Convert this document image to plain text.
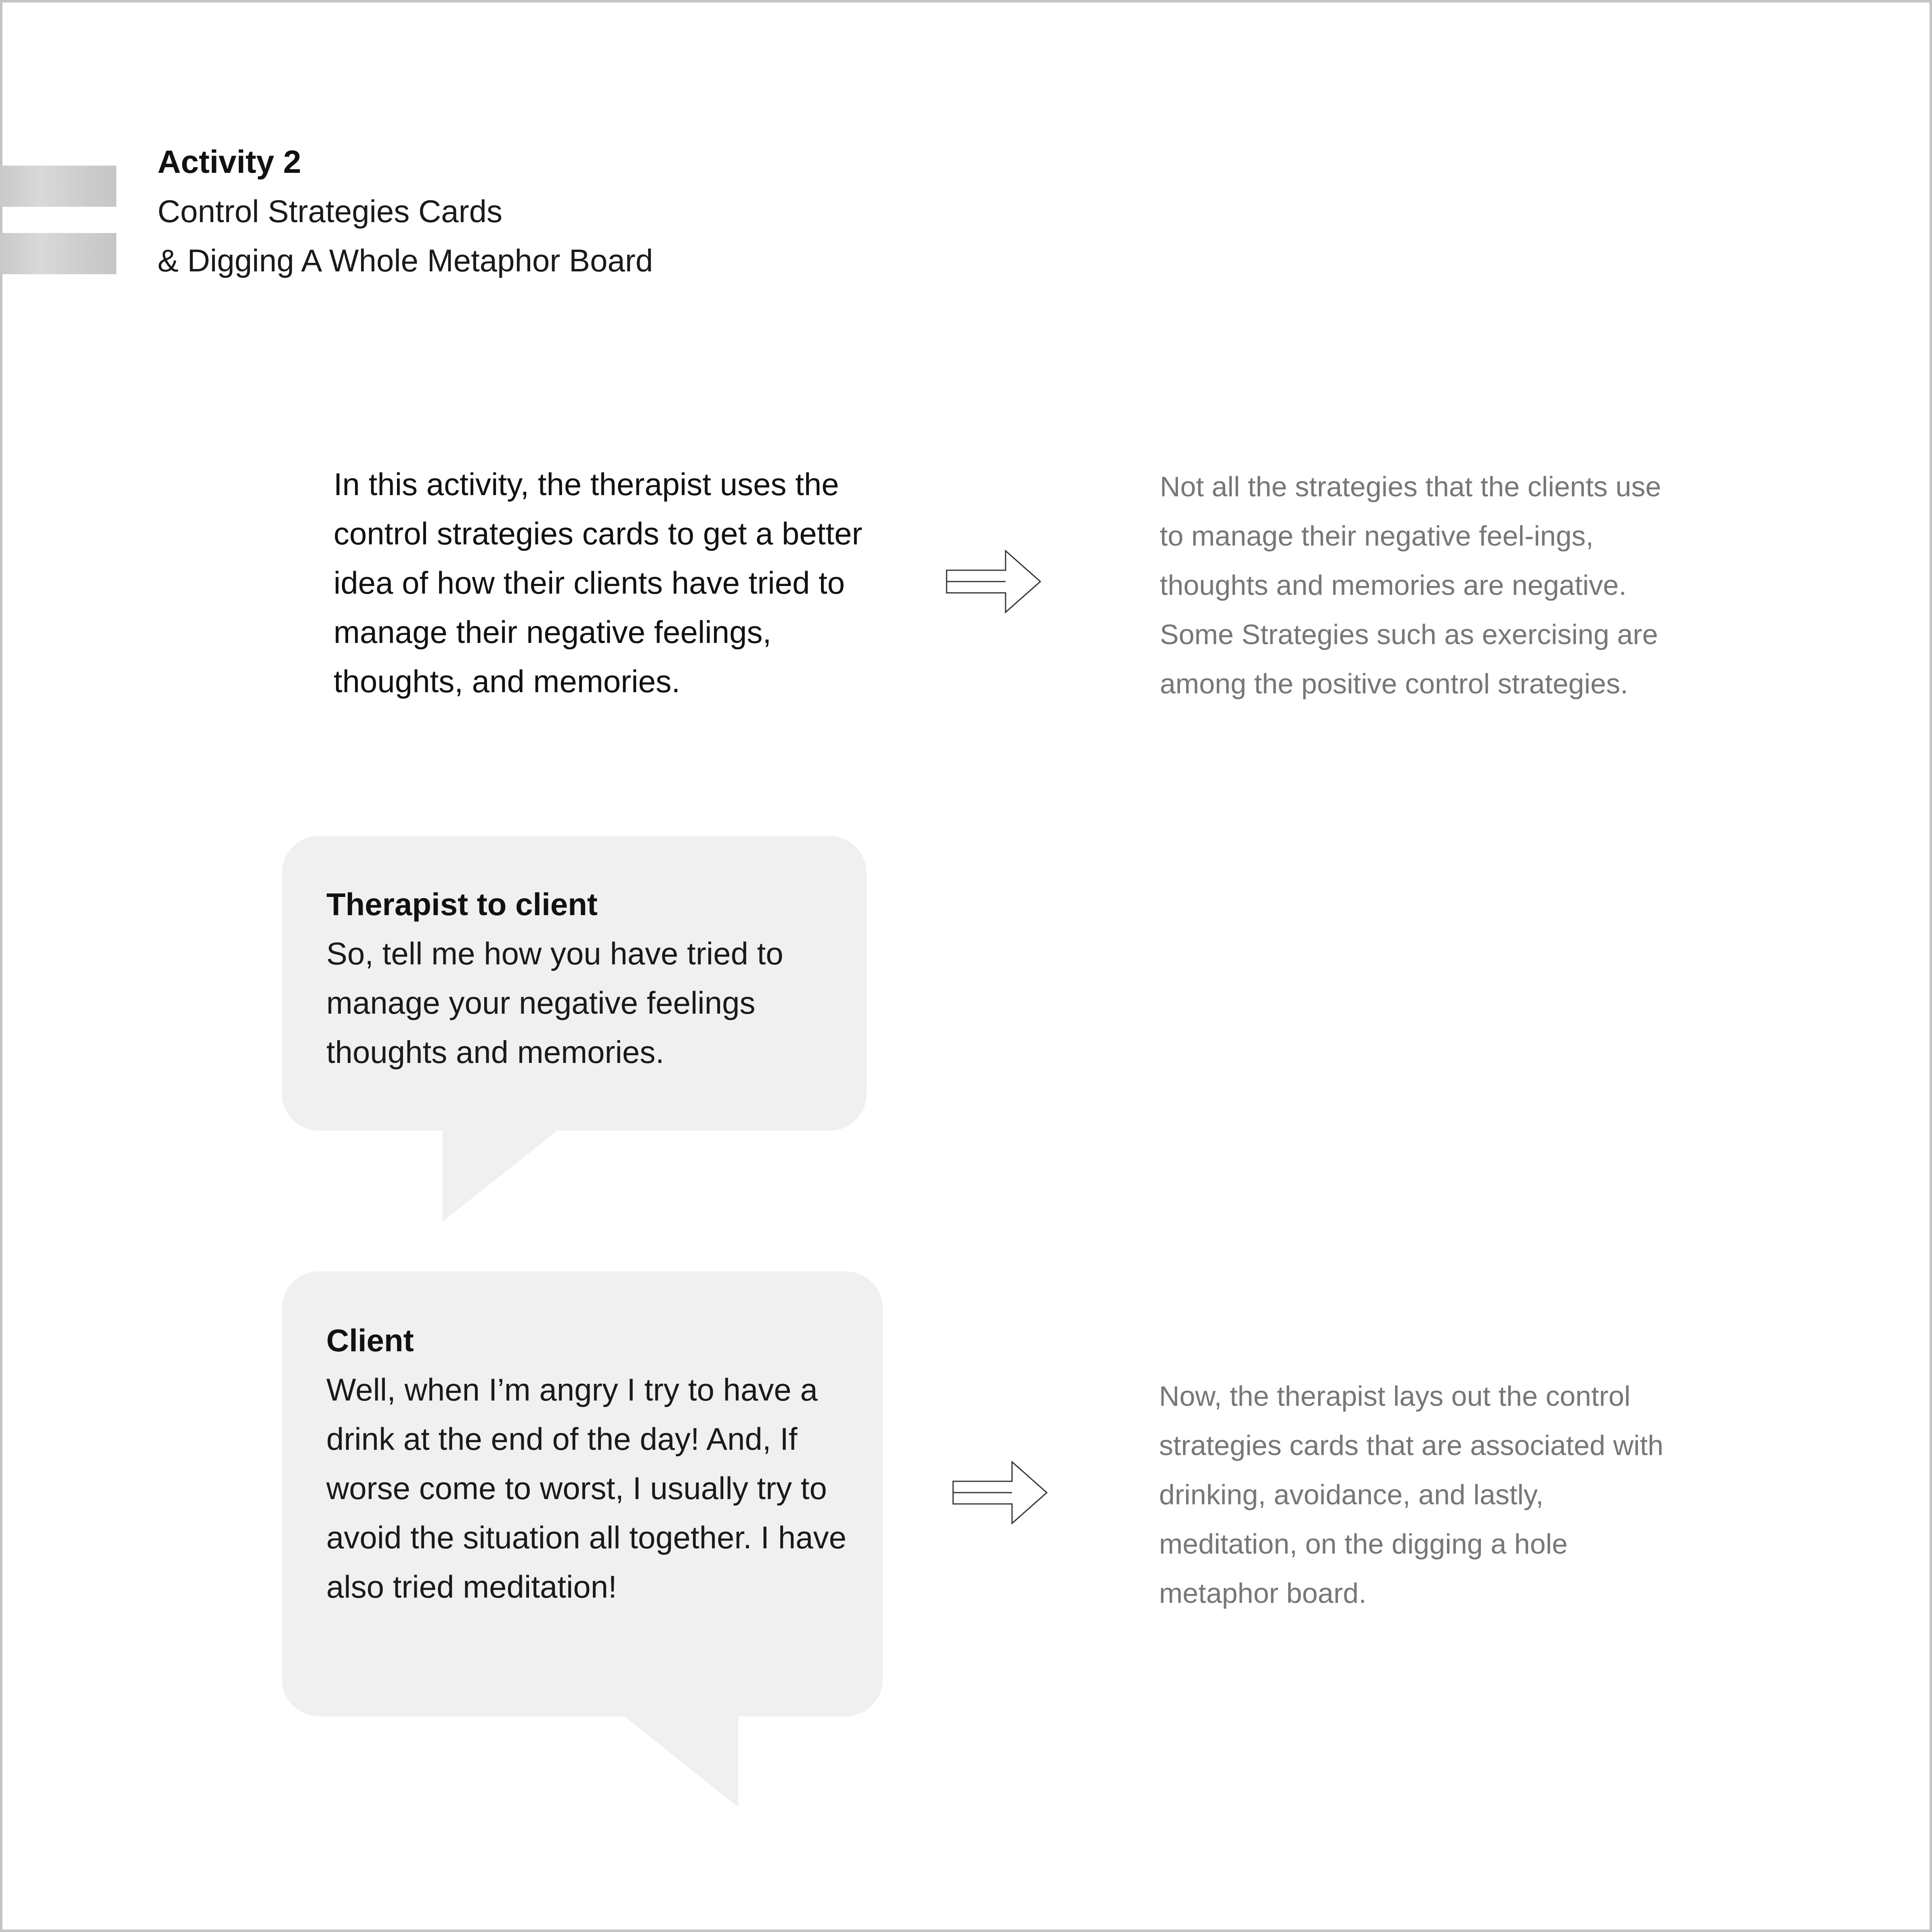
Activity 2
Control Strategies Cards
& Digging A Whole Metaphor Board
In this activity, the therapist uses the control strategies cards to get a better idea of how their clients have tried to manage their negative feelings, thoughts, and memories.
Not all the strategies that the clients use to manage their negative feel-ings, thoughts and memories are negative. Some Strategies such as exercising are among the positive control strategies.
Therapist to client
So, tell me how you have tried to manage your negative feelings thoughts and memories.
Client
Well, when I’m angry I try to have a drink at the end of the day! And, If worse come to worst, I usually try to avoid the situation all together. I have also tried meditation!
Now, the therapist lays out the control strategies cards that are associated with drinking, avoidance, and lastly, meditation, on the digging a hole metaphor board.
